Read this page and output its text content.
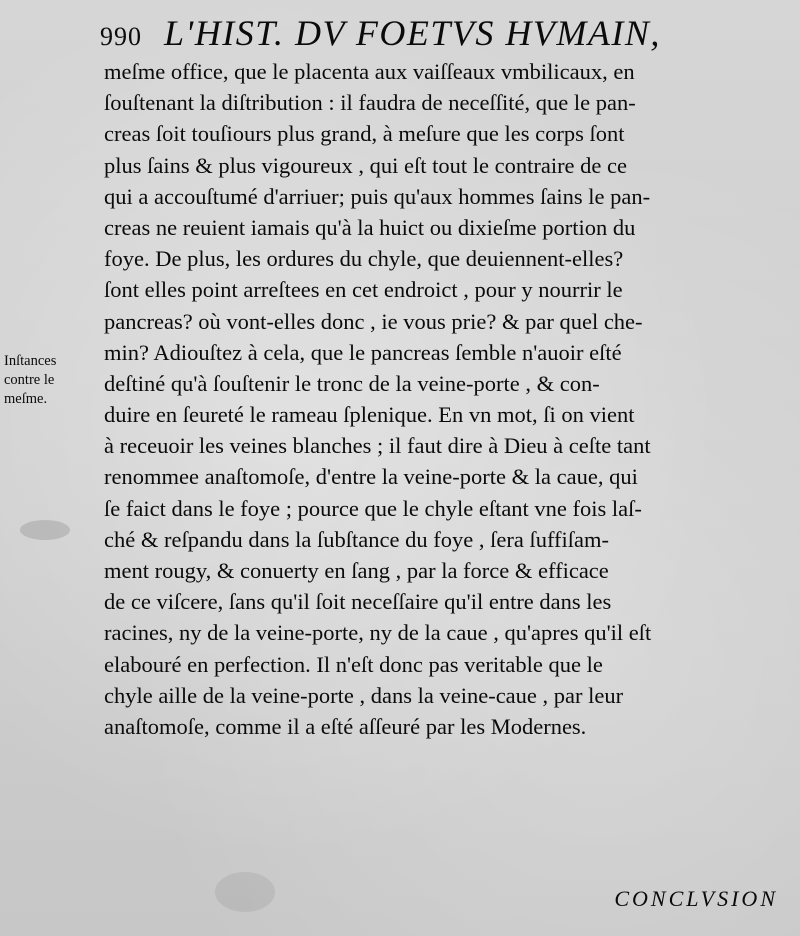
990 L'HIST. DV FOETVS HVMAIN,
Inſtances
contre le
meſme.
meſme office, que le placenta aux vaiſſeaux vmbilicaux, en
ſouſtenant la diſtribution : il faudra de neceſſité, que le pan-
creas ſoit touſiours plus grand, à meſure que les corps ſont
plus ſains & plus vigoureux , qui eſt tout le contraire de ce
qui a accouſtumé d'arriuer; puis qu'aux hommes ſains le pan-
creas ne reuient iamais qu'à la huict ou dixieſme portion du
foye. De plus, les ordures du chyle, que deuiennent-elles?
ſont elles point arreſtees en cet endroict , pour y nourrir le
pancreas? où vont-elles donc , ie vous prie? & par quel che-
min? Adiouſtez à cela, que le pancreas ſemble n'auoir eſté
deſtiné qu'à ſouſtenir le tronc de la veine-porte , & con-
duire en ſeureté le rameau ſplenique. En vn mot, ſi on vient
à receuoir les veines blanches ; il faut dire à Dieu à ceſte tant
renommee anaſtomoſe, d'entre la veine-porte & la caue, qui
ſe faict dans le foye ; pource que le chyle eſtant vne fois laſ-
ché & reſpandu dans la ſubſtance du foye , ſera ſuffiſam-
ment rougy, & conuerty en ſang , par la force & efficace
de ce viſcere, ſans qu'il ſoit neceſſaire qu'il entre dans les
racines, ny de la veine-porte, ny de la caue , qu'apres qu'il eſt
elabouré en perfection. Il n'eſt donc pas veritable que le
chyle aille de la veine-porte , dans la veine-caue , par leur
anaſtomoſe, comme il a eſté aſſeuré par les Modernes.
CONCLVSION
